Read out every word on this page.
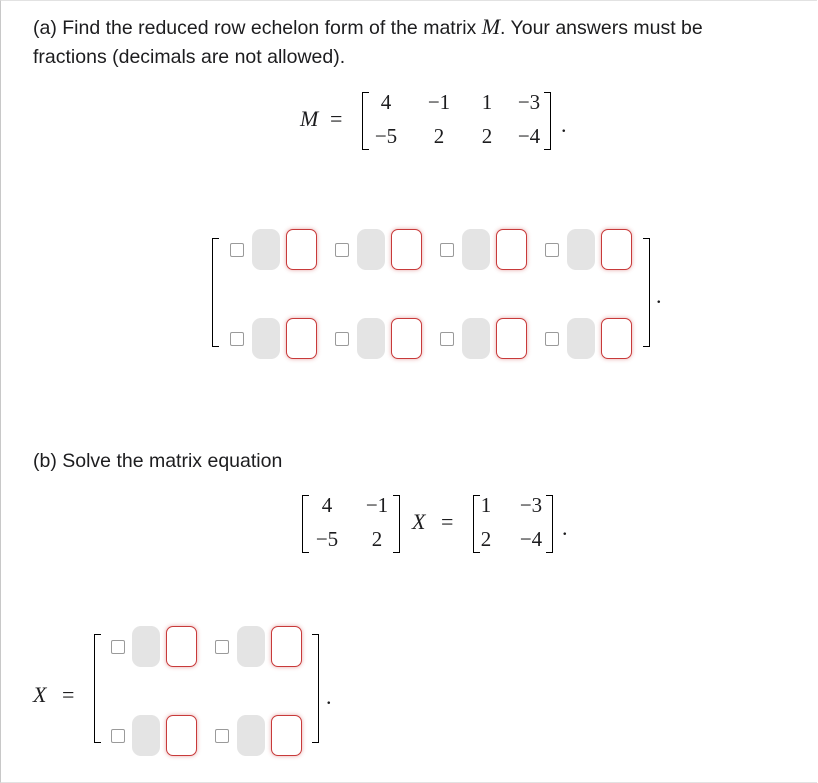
(a) Find the reduced row echelon form of the matrix M. Your answers must be
fractions (decimals are not allowed).
M =
4	−1	1	−3
−5	2	2	−4 .
.
(b) Solve the matrix equation
4	−1
−5	2
X =
1	−3
2	−4 .
X =	.
